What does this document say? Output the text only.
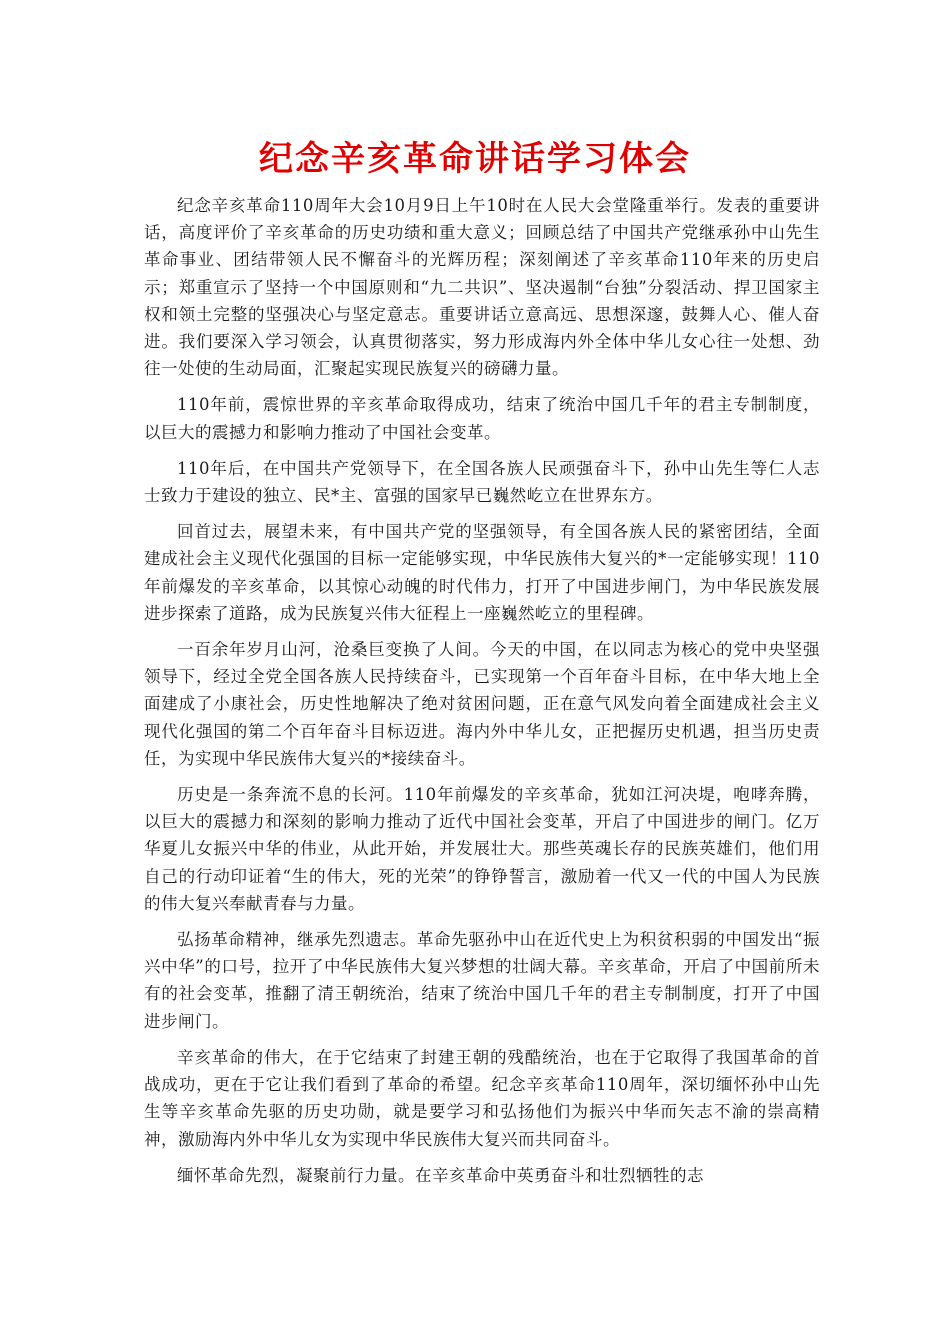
纪念辛亥革命讲话学习体会

纪念辛亥革命110周年大会10月9日上午10时在人民大会堂隆重举行。发表的重要讲话，高度评价了辛亥革命的历史功绩和重大意义；回顾总结了中国共产党继承孙中山先生革命事业、团结带领人民不懈奋斗的光辉历程；深刻阐述了辛亥革命110年来的历史启示；郑重宣示了坚持一个中国原则和“九二共识”、坚决遏制“台独”分裂活动、捍卫国家主权和领土完整的坚强决心与坚定意志。重要讲话立意高远、思想深邃，鼓舞人心、催人奋进。我们要深入学习领会，认真贯彻落实，努力形成海内外全体中华儿女心往一处想、劲往一处使的生动局面，汇聚起实现民族复兴的磅礴力量。

110年前，震惊世界的辛亥革命取得成功，结束了统治中国几千年的君主专制制度，以巨大的震撼力和影响力推动了中国社会变革。

110年后，在中国共产党领导下，在全国各族人民顽强奋斗下，孙中山先生等仁人志士致力于建设的独立、民*主、富强的国家早已巍然屹立在世界东方。

回首过去，展望未来，有中国共产党的坚强领导，有全国各族人民的紧密团结，全面建成社会主义现代化强国的目标一定能够实现，中华民族伟大复兴的*一定能够实现！110年前爆发的辛亥革命，以其惊心动魄的时代伟力，打开了中国进步闸门，为中华民族发展进步探索了道路，成为民族复兴伟大征程上一座巍然屹立的里程碑。

一百余年岁月山河，沧桑巨变换了人间。今天的中国，在以同志为核心的党中央坚强领导下，经过全党全国各族人民持续奋斗，已实现第一个百年奋斗目标，在中华大地上全面建成了小康社会，历史性地解决了绝对贫困问题，正在意气风发向着全面建成社会主义现代化强国的第二个百年奋斗目标迈进。海内外中华儿女，正把握历史机遇，担当历史责任，为实现中华民族伟大复兴的*接续奋斗。

历史是一条奔流不息的长河。110年前爆发的辛亥革命，犹如江河决堤，咆哮奔腾，以巨大的震撼力和深刻的影响力推动了近代中国社会变革，开启了中国进步的闸门。亿万华夏儿女振兴中华的伟业，从此开始，并发展壮大。那些英魂长存的民族英雄们，他们用自己的行动印证着“生的伟大，死的光荣”的铮铮誓言，激励着一代又一代的中国人为民族的伟大复兴奉献青春与力量。

弘扬革命精神，继承先烈遗志。革命先驱孙中山在近代史上为积贫积弱的中国发出“振兴中华”的口号，拉开了中华民族伟大复兴梦想的壮阔大幕。辛亥革命，开启了中国前所未有的社会变革，推翻了清王朝统治，结束了统治中国几千年的君主专制制度，打开了中国进步闸门。

辛亥革命的伟大，在于它结束了封建王朝的残酷统治，也在于它取得了我国革命的首战成功，更在于它让我们看到了革命的希望。纪念辛亥革命110周年，深切缅怀孙中山先生等辛亥革命先驱的历史功勋，就是要学习和弘扬他们为振兴中华而矢志不渝的崇高精神，激励海内外中华儿女为实现中华民族伟大复兴而共同奋斗。

缅怀革命先烈，凝聚前行力量。在辛亥革命中英勇奋斗和壮烈牺牲的志
